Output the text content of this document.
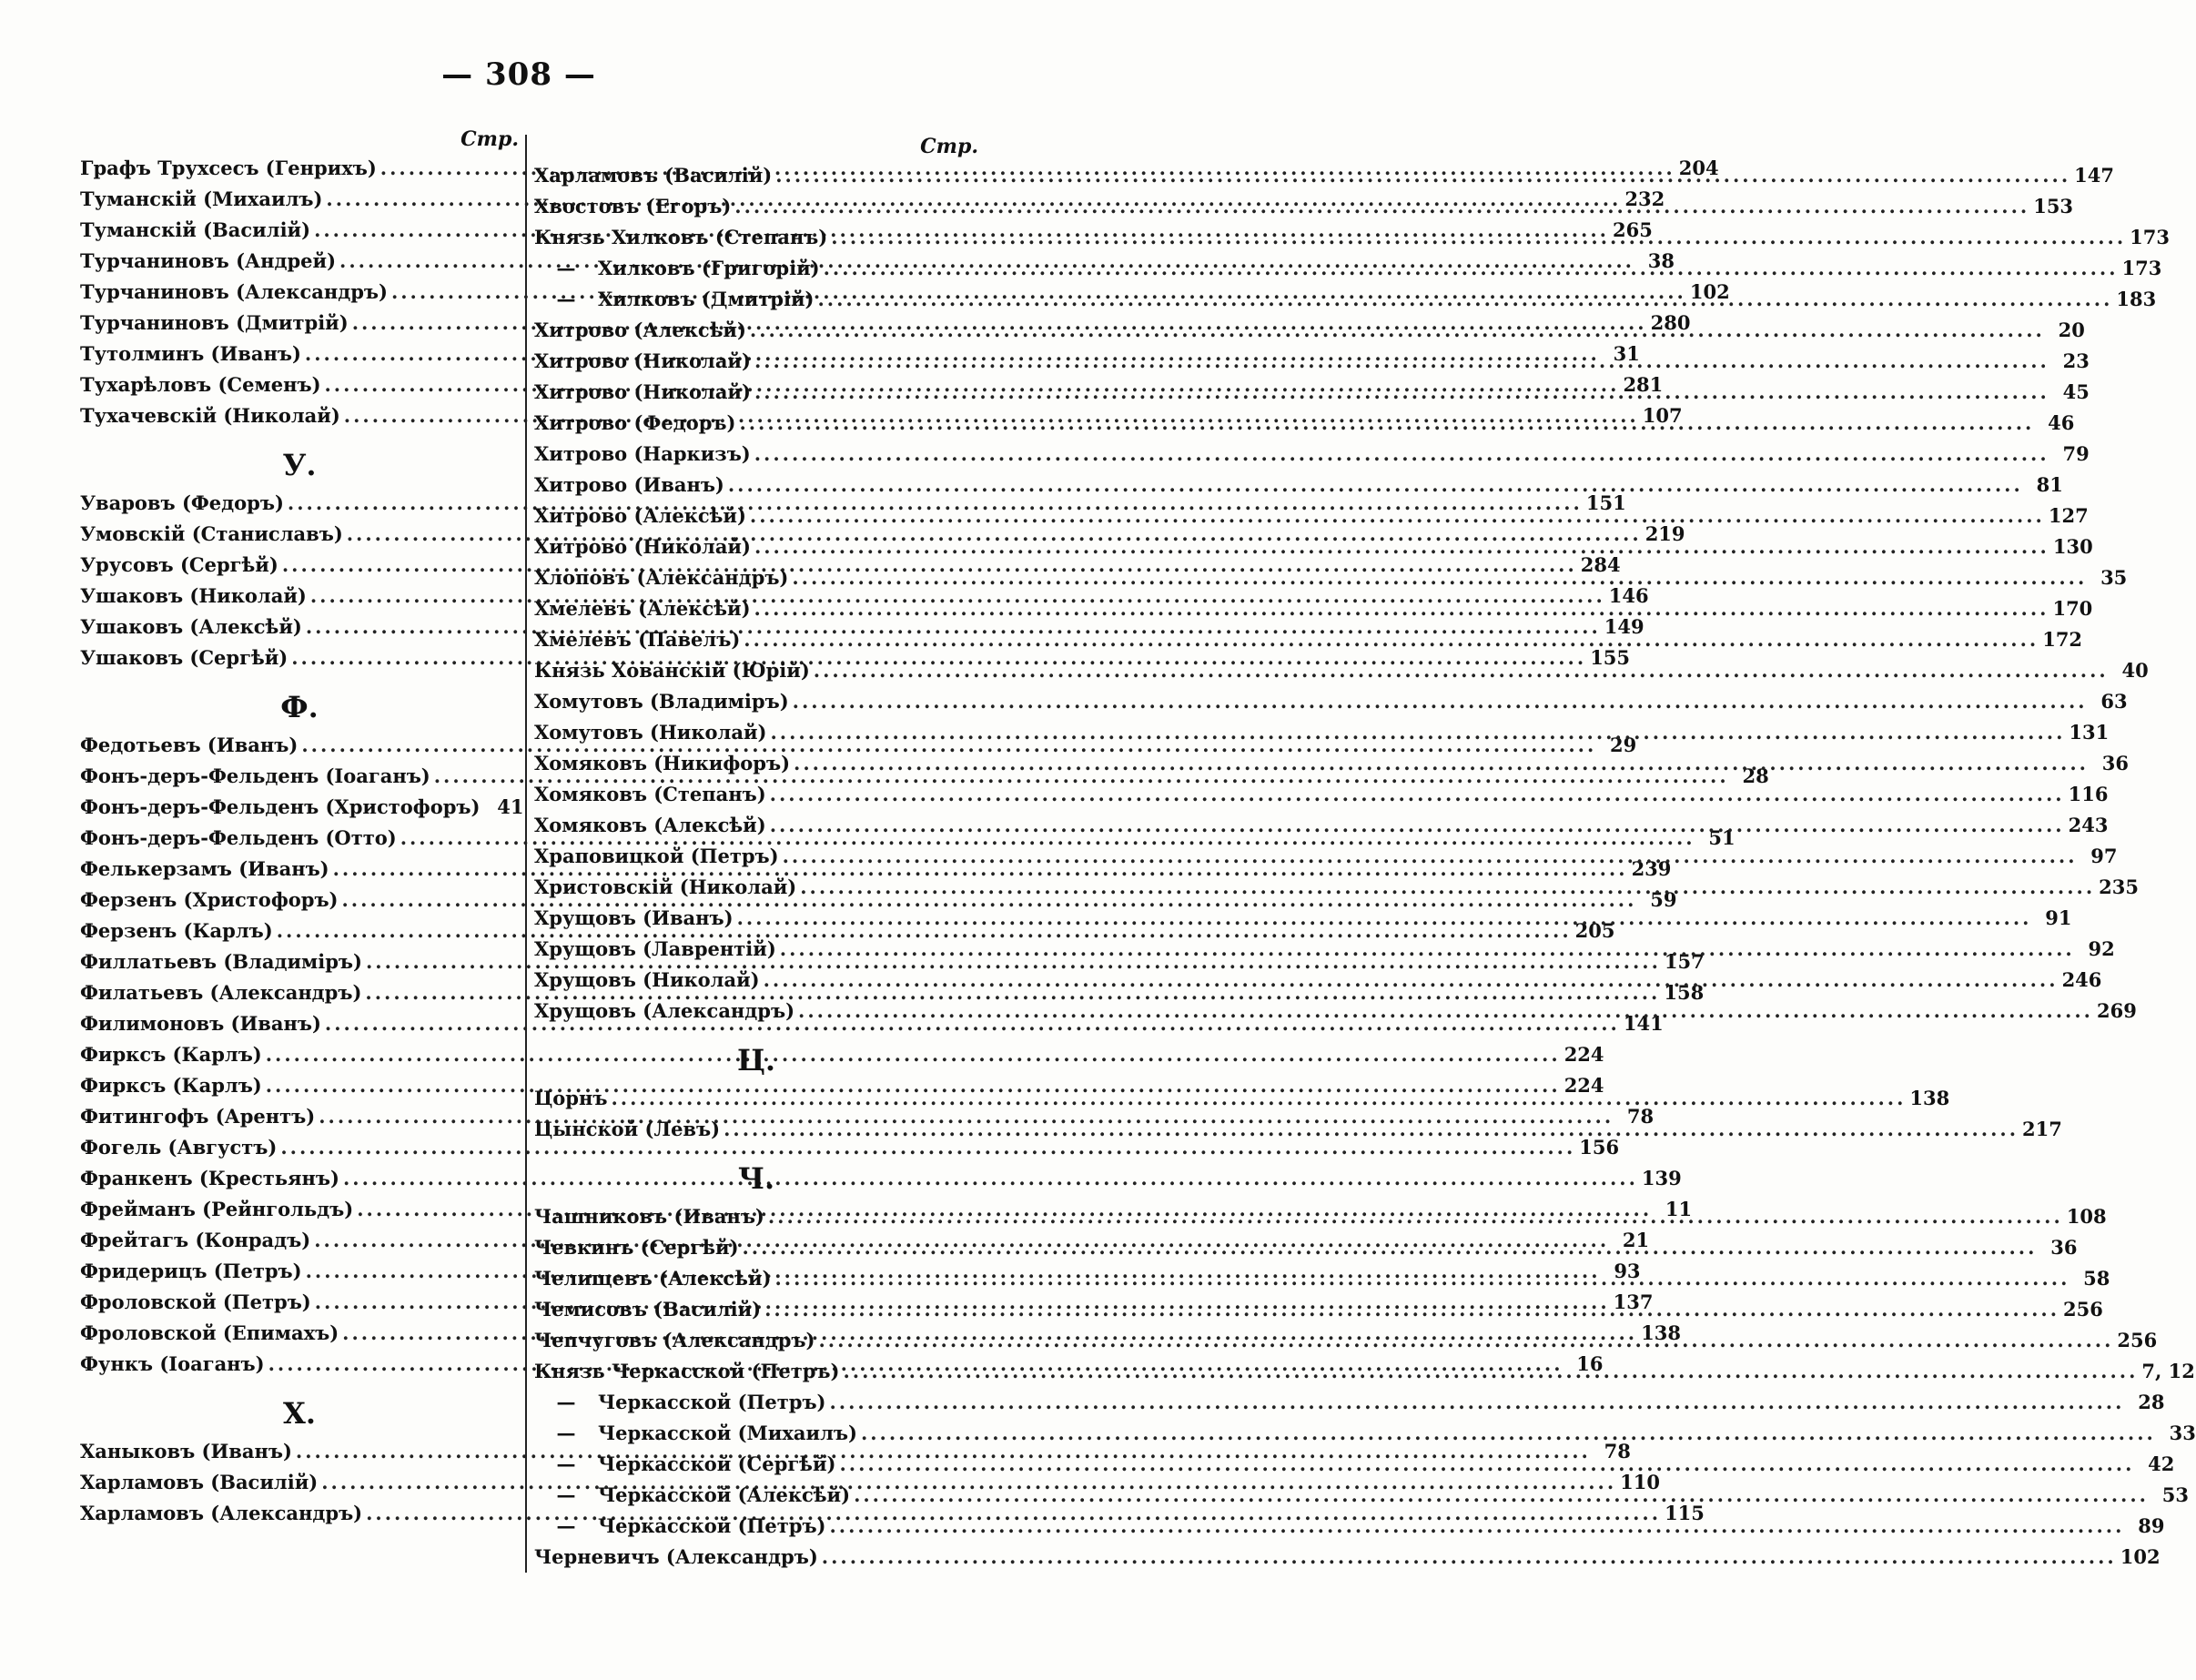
— 308 —
Стр.
Графъ Труxсесъ (Генрихъ) .....	204
Туманскій (Михаилъ) .....	232
Туманскій (Василій) .....	265
Турчаниновъ (Андрей) .....	38
Турчаниновъ (Александръ) .....	102
Турчаниновъ (Дмитрій) .....	280
Тутолминъ (Иванъ) .....	31
Тухарѣловъ (Семенъ) .....	281
Тухачевскій (Николай) .....	107
У.
Уваровъ (Федоръ) .....	151
Умовскій (Станиславъ) .....	219
Урусовъ (Сергѣй) .....	284
Ушаковъ (Николай) .....	146
Ушаковъ (Алексѣй) .....	149
Ушаковъ (Сергѣй) .....	155
Ф.
Федотьевъ (Иванъ) .....	29
Фонъ-деръ-Фельденъ (Іоаганъ) .....	28
Фонъ-деръ-Фельденъ (Христофоръ) 41
Фонъ-деръ-Фельденъ (Отто) .....	51
Фелькерзамъ (Иванъ) .....	239
Ферзенъ (Христофоръ) .....	59
Ферзенъ (Карлъ) .....	205
Филлатьевъ (Владиміръ) .....	157
Филатьевъ (Александръ) .....	158
Филимоновъ (Иванъ) .....	141
Фирксъ (Карлъ) .....	224
Фирксъ (Карлъ) .....	224
Фитингофъ (Арентъ) .....	78
Фогель (Августъ) .....	156
Франкенъ (Крестьянъ) .....	139
Фрейманъ (Рейнгольдъ) .....	11
Фрейтагъ (Конрадъ) .....	21
Фридерицъ (Петръ) .....	93
Фроловской (Петръ) .....	137
Фроловской (Епимахъ) .....	138
Функъ (Іоаганъ) .....	16
Х.
Ханыковъ (Иванъ) .....	78
Харламовъ (Василій) .....	110
Харламовъ (Александръ) .....	115
Стр.
Харламовъ (Василій) .....	147
Хвостовъ (Егоръ) .....	153
Князь Хилковъ (Степанъ) .....	173
—	Хилковъ (Григорій) .....	173
—	Хилковъ (Дмитрій) .....	183
Хитрово (Алексѣй) .....	20
Хитрово (Николай) .....	23
Хитрово (Николай) .....	45
Хитрово (Федоръ) .....	46
Хитрово (Наркизъ) .....	79
Хитрово (Иванъ) .....	81
Хитрово (Алексѣй) .....	127
Хитрово (Николай) .....	130
Хлоповъ (Александръ) .....	35
Хмелевъ (Алексѣй) .....	170
Хмелевъ (Павелъ) .....	172
Князь Хованскій (Юрій) .....	40
Хомутовъ (Владиміръ) .....	63
Хомутовъ (Николай) .....	131
Хомяковъ (Никифоръ) .....	36
Хомяковъ (Степанъ) .....	116
Хомяковъ (Алексѣй) .....	243
Храповицкой (Петръ) .....	97
Христовскій (Николай) .....	235
Хрущовъ (Иванъ) .....	91
Хрущовъ (Лаврентій) .....	92
Хрущовъ (Николай) .....	246
Хрущовъ (Александръ) .....	269
Ц.
Цорнъ .....	138
Цынской (Левъ) .....	217
Ч.
Чашниковъ (Иванъ) .....	108
Чевкинъ (Сергѣй) .....	36
Челищевъ (Алексѣй) .....	58
Чемисовъ (Василій) .....	256
Чепчуговъ (Александръ) .....	256
Князь Черкасской (Петръ) .....	7, 12
—	Черкасской (Петръ) .....	28
—	Черкасской (Михаилъ) .....	33
—	Черкасской (Сергѣй) .....	42
—	Черкасской (Алексѣй) .....	53
—	Черкасской (Петръ) .....	89
Черневичъ (Александръ) .....	102
